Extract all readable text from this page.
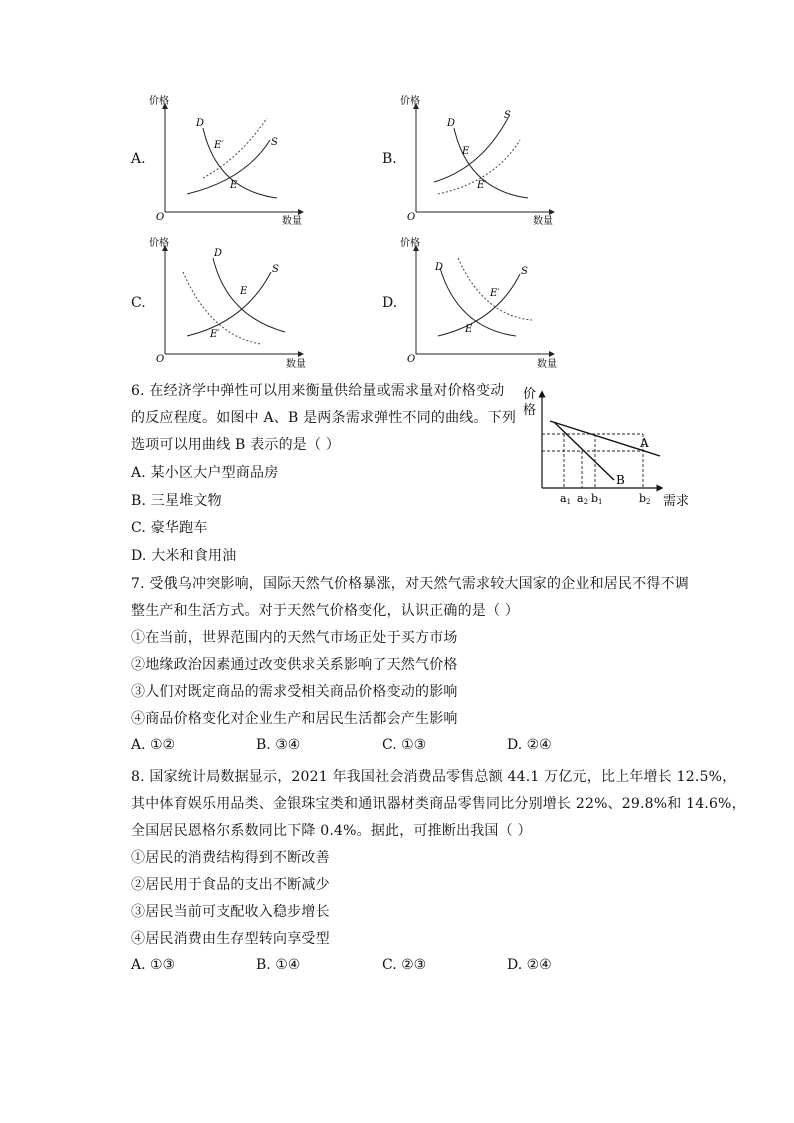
A.
价格
数量
O
D
S
E
E′
B.
价格
数量
O
D
S
E
E′
C.
价格
数量
O
D
S
E
E′
D.
价格
数量
O
D	S
E
E′
6. 在经济学中弹性可以用来衡量供给量或需求量对价格变动
的反应程度。如图中 A、B 是两条需求弹性不同的曲线。下列
选项可以用曲线 B 表示的是（ ）
A. 某小区大户型商品房
B. 三星堆文物
C. 豪华跑车
D. 大米和食用油
价
格
需求
A
B
a1 a2 b1	b2
7. 受俄乌冲突影响，国际天然气价格暴涨，对天然气需求较大国家的企业和居民不得不调
整生产和生活方式。对于天然气价格变化，认识正确的是（ ）
①在当前，世界范围内的天然气市场正处于买方市场
②地缘政治因素通过改变供求关系影响了天然气价格
③人们对既定商品的需求受相关商品价格变动的影响
④商品价格变化对企业生产和居民生活都会产生影响
A. ①②	B. ③④	C. ①③	D. ②④
8. 国家统计局数据显示，2021 年我国社会消费品零售总额 44.1 万亿元，比上年增长 12.5%，
其中体育娱乐用品类、金银珠宝类和通讯器材类商品零售同比分别增长 22%、29.8%和 14.6%，
全国居民恩格尔系数同比下降 0.4%。据此，可推断出我国（ ）
①居民的消费结构得到不断改善
②居民用于食品的支出不断减少
③居民当前可支配收入稳步增长
④居民消费由生存型转向享受型
A. ①③	B. ①④	C. ②③	D. ②④
